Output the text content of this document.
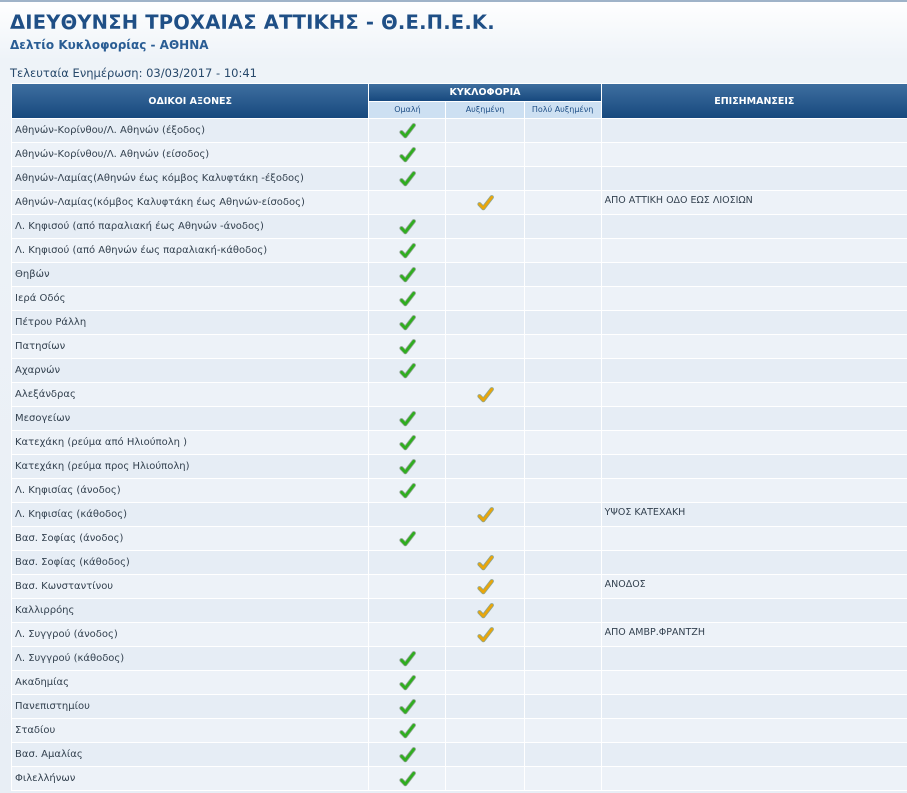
ΔΙΕΥΘΥΝΣΗ ΤΡΟΧΑΙΑΣ ΑΤΤΙΚΗΣ - Θ.Ε.Π.Ε.Κ.
Δελτίο Κυκλοφορίας - ΑΘΗΝΑ
Τελευταία Ενημέρωση: 03/03/2017 - 10:41
ΟΔΙΚΟΙ ΑΞΟΝΕΣ	ΚΥΚΛΟΦΟΡΙΑ			ΕΠΙΣΗΜΑΝΣΕΙΣ
	Ομαλή	Αυξημένη	Πολύ Αυξημένη	
Αθηνών-Κορίνθου/Λ. Αθηνών (έξοδος)				
Αθηνών-Κορίνθου/Λ. Αθηνών (είσοδος)				
Αθηνών-Λαμίας(Αθηνών έως κόμβος Καλυφτάκη -έξοδος)				
Αθηνών-Λαμίας(κόμβος Καλυφτάκη έως Αθηνών-είσοδος)				ΑΠΟ ΑΤΤΙΚΗ ΟΔΟ ΕΩΣ ΛΙΟΣΙΩΝ
Λ. Κηφισού (από παραλιακή έως Αθηνών -άνοδος)				
Λ. Κηφισού (από Αθηνών έως παραλιακή-κάθοδος)				
Θηβών				
Ιερά Οδός				
Πέτρου Ράλλη				
Πατησίων				
Αχαρνών				
Αλεξάνδρας				
Μεσογείων				
Κατεχάκη (ρεύμα από Ηλιούπολη )				
Κατεχάκη (ρεύμα προς Ηλιούπολη)				
Λ. Κηφισίας (άνοδος)				
Λ. Κηφισίας (κάθοδος)				ΥΨΟΣ ΚΑΤΕΧΑΚΗ
Βασ. Σοφίας (άνοδος)				
Βασ. Σοφίας (κάθοδος)				
Βασ. Κωνσταντίνου				ΑΝΟΔΟΣ
Καλλιρρόης				
Λ. Συγγρού (άνοδος)				ΑΠΟ ΑΜΒΡ.ΦΡΑΝΤΖΗ
Λ. Συγγρού (κάθοδος)				
Ακαδημίας				
Πανεπιστημίου				
Σταδίου				
Βασ. Αμαλίας				
Φιλελλήνων				
